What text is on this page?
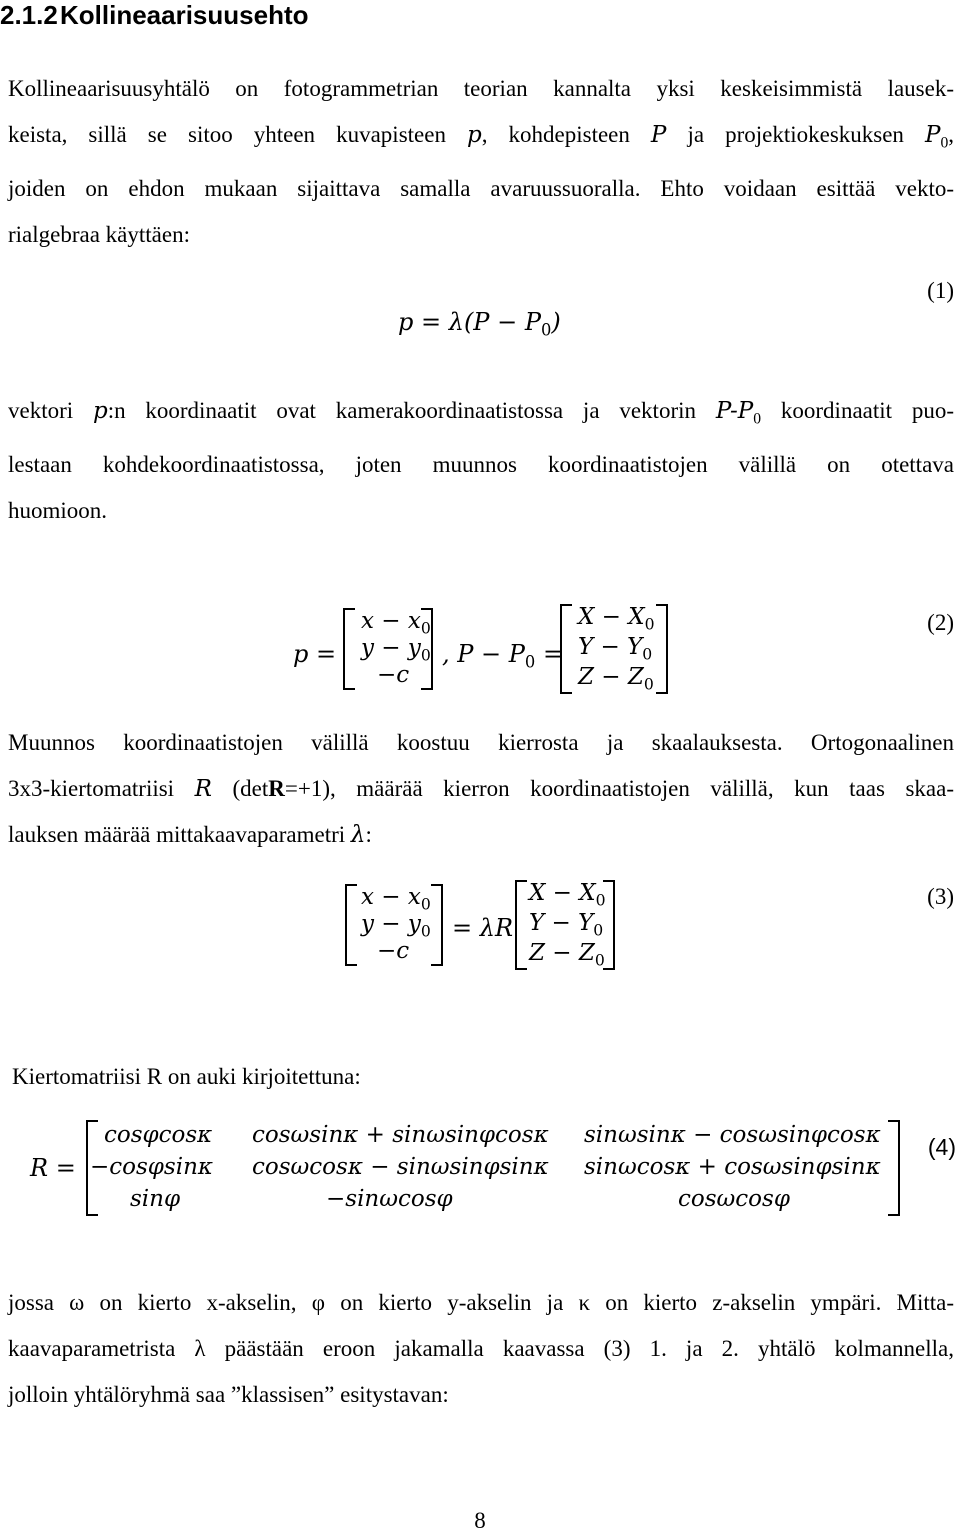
2.1.2Kollineaarisuusehto
Kollineaarisuusyhtälö on fotogrammetrian teorian kannalta yksi keskeisimmistä lausek-
keista, sillä se sitoo yhteen kuvapisteen p, kohdepisteen P ja projektiokeskuksen $P_0$,
joiden on ehdon mukaan sijaittava samalla avaruussuoralla. Ehto voidaan esittää vekto-
rialgebraa käyttäen:
$p = \lambda(P - P_0)$
(1)
vektori p:n koordinaatit ovat kamerakoordinaatistossa ja vektorin $P-P_0$ koordinaatit puo-
lestaan kohdekoordinaatistossa, joten muunnos koordinaatistojen välillä on otettava
huomioon.
p =
$x - x_0$
$y - y_0$
−c
, $P - P_0$ =
$X - X_0$
$Y - Y_0$
$Z - Z_0$
(2)
Muunnos koordinaatistojen välillä koostuu kierrosta ja skaalauksesta. Ortogonaalinen
3x3-kiertomatriisi R (detR=+1), määrää kierron koordinaatistojen välillä, kun taas skaa-
lauksen määrää mittakaavaparametri λ:
$x - x_0$
$y - y_0$
−c
= λR
$X - X_0$
$Y - Y_0$
$Z - Z_0$
(3)
Kiertomatriisi R on auki kirjoitettuna:
R =
cosφcosκ cosωsinκ + sinωsinφcosκ sinωsinκ − cosωsinφcosκ
−cosφsinκ cosωcosκ − sinωsinφsinκ sinωcosκ + cosωsinφsinκ
sinφ	−sinωcosφ	cosωcosφ
(4)
jossa ω on kierto x-akselin, φ on kierto y-akselin ja κ on kierto z-akselin ympäri. Mitta-
kaavaparametrista λ päästään eroon jakamalla kaavassa (3) 1. ja 2. yhtälö kolmannella,
jolloin yhtälöryhmä saa ”klassisen” esitystavan:
8
